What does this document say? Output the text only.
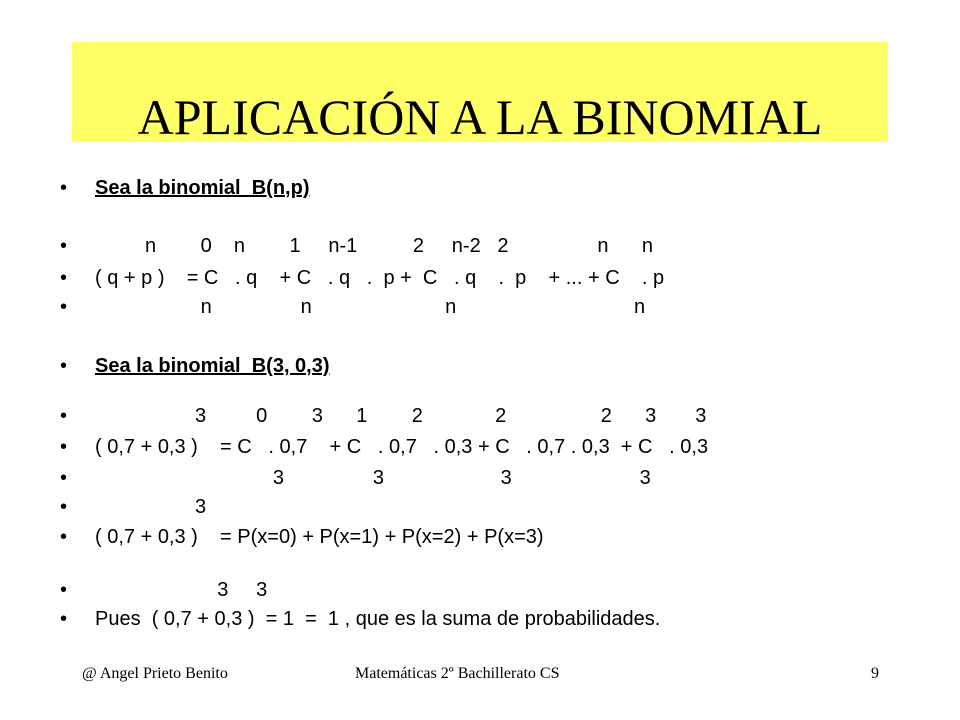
APLICACIÓN A LA BINOMIAL
• Sea la binomial  B(n,p)
• n        0    n        1     n-1          2     n-2   2                n      n
• ( q + p )    = C   . q    + C   . q   .  p +  C   . q    .  p    + ... + C    . p
• n                n                        n                                n
• Sea la binomial  B(3, 0,3)
• 3         0        3      1        2             2                 2      3       3
• ( 0,7 + 0,3 )    = C   . 0,7    + C   . 0,7   . 0,3 + C   . 0,7 . 0,3  + C   . 0,3
• 3                3                     3                       3
• 3
• ( 0,7 + 0,3 )    = P(x=0) + P(x=1) + P(x=2) + P(x=3)
• 3     3
• Pues  ( 0,7 + 0,3 )  = 1  =  1 , que es la suma de probabilidades.
@ Angel Prieto Benito	Matemáticas 2º Bachillerato CS	9
